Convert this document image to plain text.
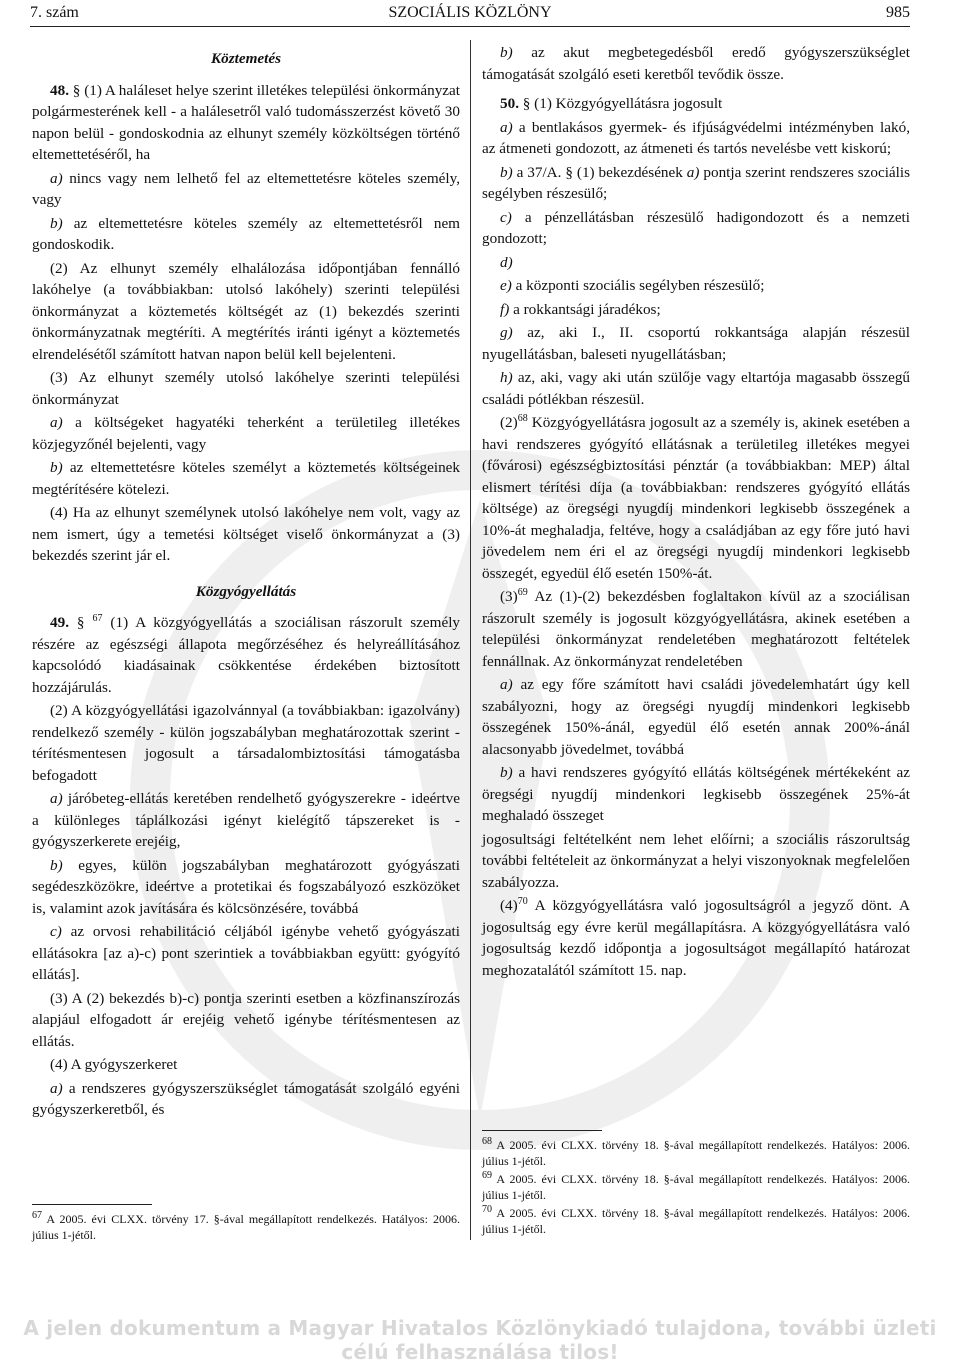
7. szám	SZOCIÁLIS KÖZLÖNY	985

Köztemetés

48. § (1) A haláleset helye szerint illetékes települési önkormányzat polgármesterének kell - a halálesetről való tudomásszerzést követő 30 napon belül - gondoskodnia az elhunyt személy közköltségen történő eltemettetéséről, ha

a) nincs vagy nem lelhető fel az eltemettetésre köteles személy, vagy

b) az eltemettetésre köteles személy az eltemettetésről nem gondoskodik.

(2) Az elhunyt személy elhalálozása időpontjában fennálló lakóhelye (a továbbiakban: utolsó lakóhely) szerinti települési önkormányzat a köztemetés költségét az (1) bekezdés szerinti önkormányzatnak megtéríti. A megtérítés iránti igényt a köztemetés elrendelésétől számított hatvan napon belül kell bejelenteni.

(3) Az elhunyt személy utolsó lakóhelye szerinti települési önkormányzat

a) a költségeket hagyatéki teherként a területileg illetékes közjegyzőnél bejelenti, vagy

b) az eltemettetésre köteles személyt a köztemetés költségeinek megtérítésére kötelezi.

(4) Ha az elhunyt személynek utolsó lakóhelye nem volt, vagy az nem ismert, úgy a temetési költséget viselő önkormányzat a (3) bekezdés szerint jár el.

Közgyógyellátás

49. § $^{67}$ (1) A közgyógyellátás a szociálisan rászorult személy részére az egészségi állapota megőrzéséhez és helyreállításához kapcsolódó kiadásainak csökkentése érdekében biztosított hozzájárulás.

(2) A közgyógyellátási igazolvánnyal (a továbbiakban: igazolvány) rendelkező személy - külön jogszabályban meghatározottak szerint - térítésmentesen jogosult a társadalombiztosítási támogatásba befogadott

a) járóbeteg-ellátás keretében rendelhető gyógyszerekre - ideértve a különleges táplálkozási igényt kielégítő tápszereket is - gyógyszerkerete erejéig,

b) egyes, külön jogszabályban meghatározott gyógyászati segédeszközökre, ideértve a protetikai és fogszabályozó eszközöket is, valamint azok javítására és kölcsönzésére, továbbá

c) az orvosi rehabilitáció céljából igénybe vehető gyógyászati ellátásokra [az a)-c) pont szerintiek a továbbiakban együtt: gyógyító ellátás].

(3) A (2) bekezdés b)-c) pontja szerinti esetben a közfinanszírozás alapjául elfogadott ár erejéig vehető igénybe térítésmentesen az ellátás.

(4) A gyógyszerkeret

a) a rendszeres gyógyszerszükséglet támogatását szolgáló egyéni gyógyszerkeretből, és

$^{67}$ A 2005. évi CLXX. törvény 17. §-ával megállapított rendelkezés. Hatályos: 2006. július 1-jétől.

b) az akut megbetegedésből eredő gyógyszerszükséglet támogatását szolgáló eseti keretből tevődik össze.

50. § (1) Közgyógyellátásra jogosult

a) a bentlakásos gyermek- és ifjúságvédelmi intézményben lakó, az átmeneti gondozott, az átmeneti és tartós nevelésbe vett kiskorú;

b) a 37/A. § (1) bekezdésének a) pontja szerint rendszeres szociális segélyben részesülő;

c) a pénzellátásban részesülő hadigondozott és a nemzeti gondozott;

d)

e) a központi szociális segélyben részesülő;

f) a rokkantsági járadékos;

g) az, aki I., II. csoportú rokkantsága alapján részesül nyugellátásban, baleseti nyugellátásban;

h) az, aki, vagy aki után szülője vagy eltartója magasabb összegű családi pótlékban részesül.

$(2)^{68}$ Közgyógyellátásra jogosult az a személy is, akinek esetében a havi rendszeres gyógyító ellátásnak a területileg illetékes megyei (fővárosi) egészségbiztosítási pénztár (a továbbiakban: MEP) által elismert térítési díja (a továbbiakban: rendszeres gyógyító ellátás költsége) az öregségi nyugdíj mindenkori legkisebb összegének a 10%-át meghaladja, feltéve, hogy a családjában az egy főre jutó havi jövedelem nem éri el az öregségi nyugdíj mindenkori legkisebb összegét, egyedül élő esetén 150%-át.

$(3)^{69}$ Az (1)-(2) bekezdésben foglaltakon kívül az a szociálisan rászorult személy is jogosult közgyógyellátásra, akinek esetében a települési önkormányzat rendeletében meghatározott feltételek fennállnak. Az önkormányzat rendeletében

a) az egy főre számított havi családi jövedelemhatárt úgy kell szabályozni, hogy az öregségi nyugdíj mindenkori legkisebb összegének 150%-ánál, egyedül élő esetén annak 200%-ánál alacsonyabb jövedelmet, továbbá

b) a havi rendszeres gyógyító ellátás költségének mértékeként az öregségi nyugdíj mindenkori legkisebb összegének 25%-át meghaladó összeget

jogosultsági feltételként nem lehet előírni; a szociális rászorultság további feltételeit az önkormányzat a helyi viszonyoknak megfelelően szabályozza.

$(4)^{70}$ A közgyógyellátásra való jogosultságról a jegyző dönt. A jogosultság egy évre kerül megállapításra. A közgyógyellátásra való jogosultság kezdő időpontja a jogosultságot megállapító határozat meghozatalától számított 15. nap.

$^{68}$ A 2005. évi CLXX. törvény 18. §-ával megállapított rendelkezés. Hatályos: 2006. július 1-jétől.

$^{69}$ A 2005. évi CLXX. törvény 18. §-ával megállapított rendelkezés. Hatályos: 2006. július 1-jétől.

$^{70}$ A 2005. évi CLXX. törvény 18. §-ával megállapított rendelkezés. Hatályos: 2006. július 1-jétől.

A jelen dokumentum a Magyar Hivatalos Közlönykiadó tulajdona, további üzleti célú felhasználása tilos!
